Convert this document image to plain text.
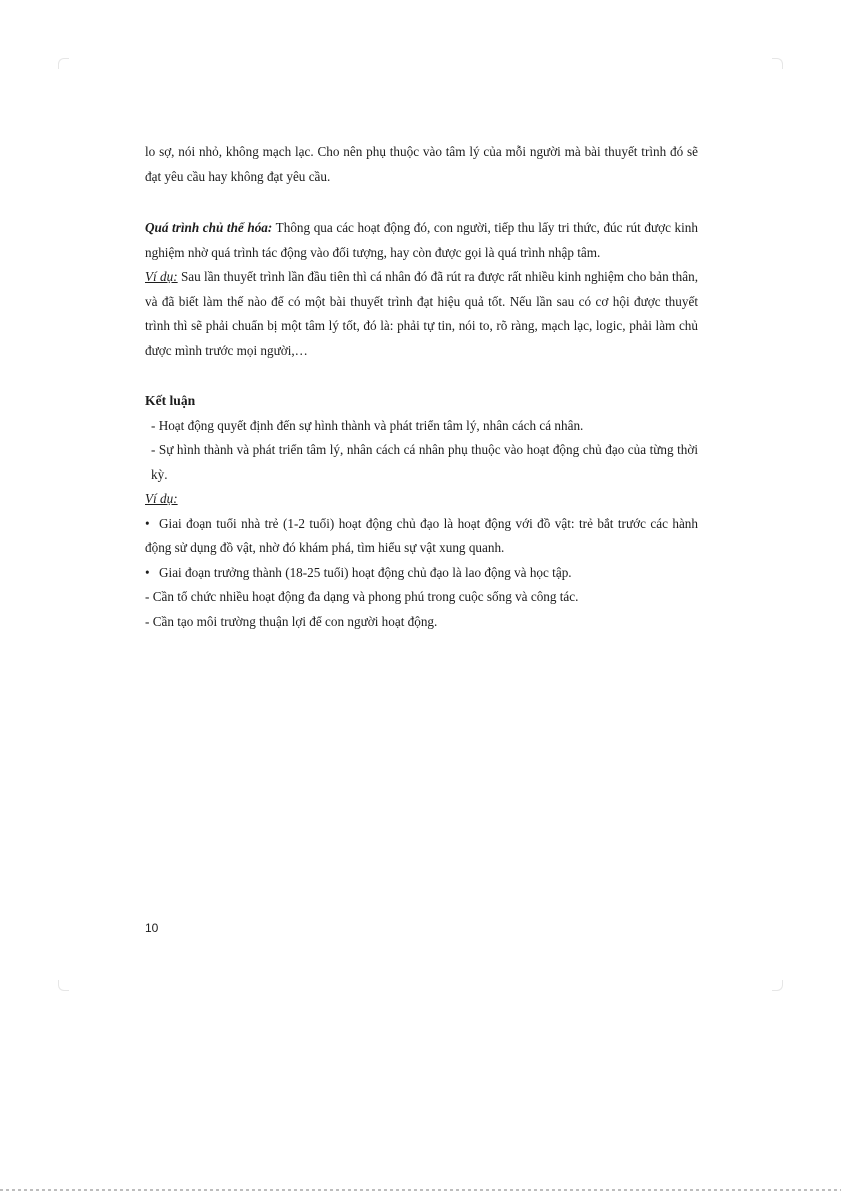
lo sợ, nói nhỏ, không mạch lạc. Cho nên phụ thuộc vào tâm lý của mỗi người mà bài thuyết trình đó sẽ đạt yêu cầu hay không đạt yêu cầu.

Quá trình chủ thể hóa: Thông qua các hoạt động đó, con người, tiếp thu lấy tri thức, đúc rút được kinh nghiệm nhờ quá trình tác động vào đối tượng, hay còn được gọi là quá trình nhập tâm.

Ví dụ: Sau lần thuyết trình lần đầu tiên thì cá nhân đó đã rút ra được rất nhiều kinh nghiệm cho bản thân, và đã biết làm thế nào để có một bài thuyết trình đạt hiệu quả tốt. Nếu lần sau có cơ hội được thuyết trình thì sẽ phải chuẩn bị một tâm lý tốt, đó là: phải tự tin, nói to, rõ ràng, mạch lạc, logic, phải làm chủ được mình trước mọi người,…

Kết luận

- Hoạt động quyết định đến sự hình thành và phát triển tâm lý, nhân cách cá nhân.

- Sự hình thành và phát triển tâm lý, nhân cách cá nhân phụ thuộc vào hoạt động chủ đạo của từng thời kỳ.

Ví dụ:

• Giai đoạn tuổi nhà trẻ (1-2 tuổi) hoạt động chủ đạo là hoạt động với đồ vật: trẻ bắt trước các hành động sử dụng đồ vật, nhờ đó khám phá, tìm hiểu sự vật xung quanh.

• Giai đoạn trưởng thành (18-25 tuổi) hoạt động chủ đạo là lao động và học tập.

- Cần tổ chức nhiều hoạt động đa dạng và phong phú trong cuộc sống và công tác.

- Cần tạo môi trường thuận lợi để con người hoạt động.

10
